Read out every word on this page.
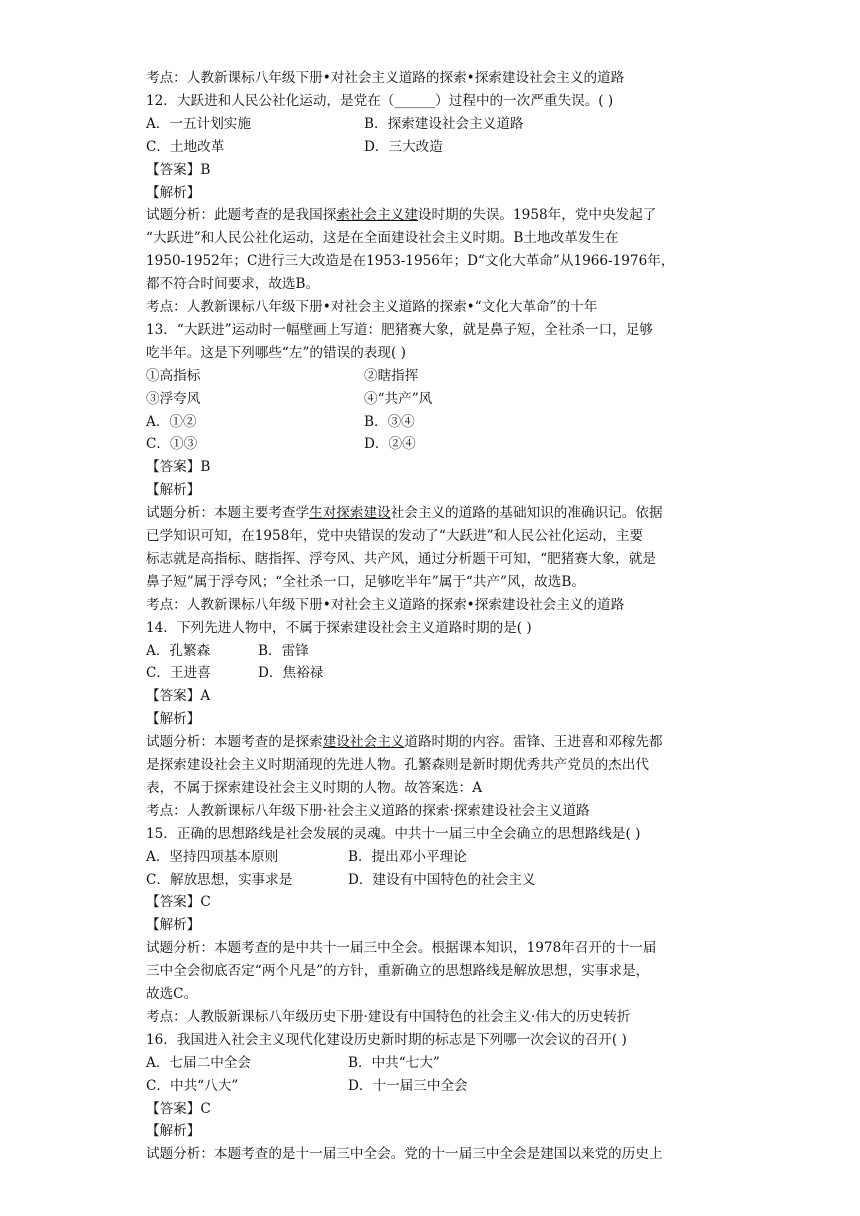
考点：人教新课标八年级下册•对社会主义道路的探索•探索建设社会主义的道路
12．大跃进和人民公社化运动，是党在（______）过程中的一次严重失误。( )
A．一五计划实施	B．探索建设社会主义道路
C．土地改革	D．三大改造
【答案】B
【解析】
试题分析：此题考查的是我国探索社会主义建设时期的失误。1958年，党中央发起了
“大跃进”和人民公社化运动，这是在全面建设社会主义时期。B土地改革发生在
1950-1952年；C进行三大改造是在1953-1956年；D“文化大革命”从1966-1976年，
都不符合时间要求，故选B。
考点：人教新课标八年级下册•对社会主义道路的探索•“文化大革命”的十年
13．“大跃进”运动时一幅壁画上写道：肥猪赛大象，就是鼻子短，全社杀一口，足够
吃半年。这是下列哪些“左”的错误的表现( )
①高指标	②瞎指挥
③浮夸风	④“共产”风
A．①②	B．③④
C．①③	D．②④
【答案】B
【解析】
试题分析：本题主要考查学生对探索建设社会主义的道路的基础知识的准确识记。依据
已学知识可知，在1958年，党中央错误的发动了“大跃进”和人民公社化运动，主要
标志就是高指标、瞎指挥、浮夸风、共产风，通过分析题干可知，“肥猪赛大象，就是
鼻子短”属于浮夸风；“全社杀一口，足够吃半年”属于“共产”风，故选B。
考点：人教新课标八年级下册•对社会主义道路的探索•探索建设社会主义的道路
14．下列先进人物中，不属于探索建设社会主义道路时期的是( )
A．孔繁森	B．雷锋
C．王进喜	D．焦裕禄
【答案】A
【解析】
试题分析：本题考查的是探索建设社会主义道路时期的内容。雷锋、王进喜和邓稼先都
是探索建设社会主义时期涌现的先进人物。孔繁森则是新时期优秀共产党员的杰出代
表，不属于探索建设社会主义时期的人物。故答案选：A
考点：人教新课标八年级下册·社会主义道路的探索·探索建设社会主义道路
15．正确的思想路线是社会发展的灵魂。中共十一届三中全会确立的思想路线是( )
A．坚持四项基本原则	B．提出邓小平理论
C．解放思想，实事求是	D．建设有中国特色的社会主义
【答案】C
【解析】
试题分析：本题考查的是中共十一届三中全会。根据课本知识，1978年召开的十一届
三中全会彻底否定“两个凡是”的方针，重新确立的思想路线是解放思想，实事求是，
故选C。
考点：人教版新课标八年级历史下册·建设有中国特色的社会主义·伟大的历史转折
16．我国进入社会主义现代化建设历史新时期的标志是下列哪一次会议的召开( )
A．七届二中全会	B．中共“七大”
C．中共“八大”	D．十一届三中全会
【答案】C
【解析】
试题分析：本题考查的是十一届三中全会。党的十一届三中全会是建国以来党的历史上
